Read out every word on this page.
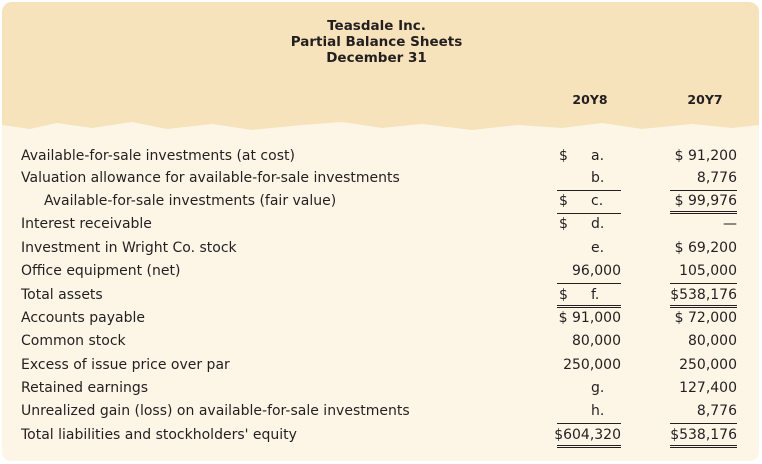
Teasdale Inc.
Partial Balance Sheets
December 31
20Y8	20Y7
Available-for-sale investments (at cost)	$ a.	$ 91,200
Valuation allowance for available-for-sale investments	b.	8,776
Available-for-sale investments (fair value)	$ c.	$ 99,976
Interest receivable	$ d.	—
Investment in Wright Co. stock	e.	$ 69,200
Office equipment (net)	96,000	105,000
Total assets	$ f.	$538,176
Accounts payable	$ 91,000	$ 72,000
Common stock	80,000	80,000
Excess of issue price over par	250,000	250,000
Retained earnings	g.	127,400
Unrealized gain (loss) on available-for-sale investments	h.	8,776
Total liabilities and stockholders' equity	$604,320	$538,176
